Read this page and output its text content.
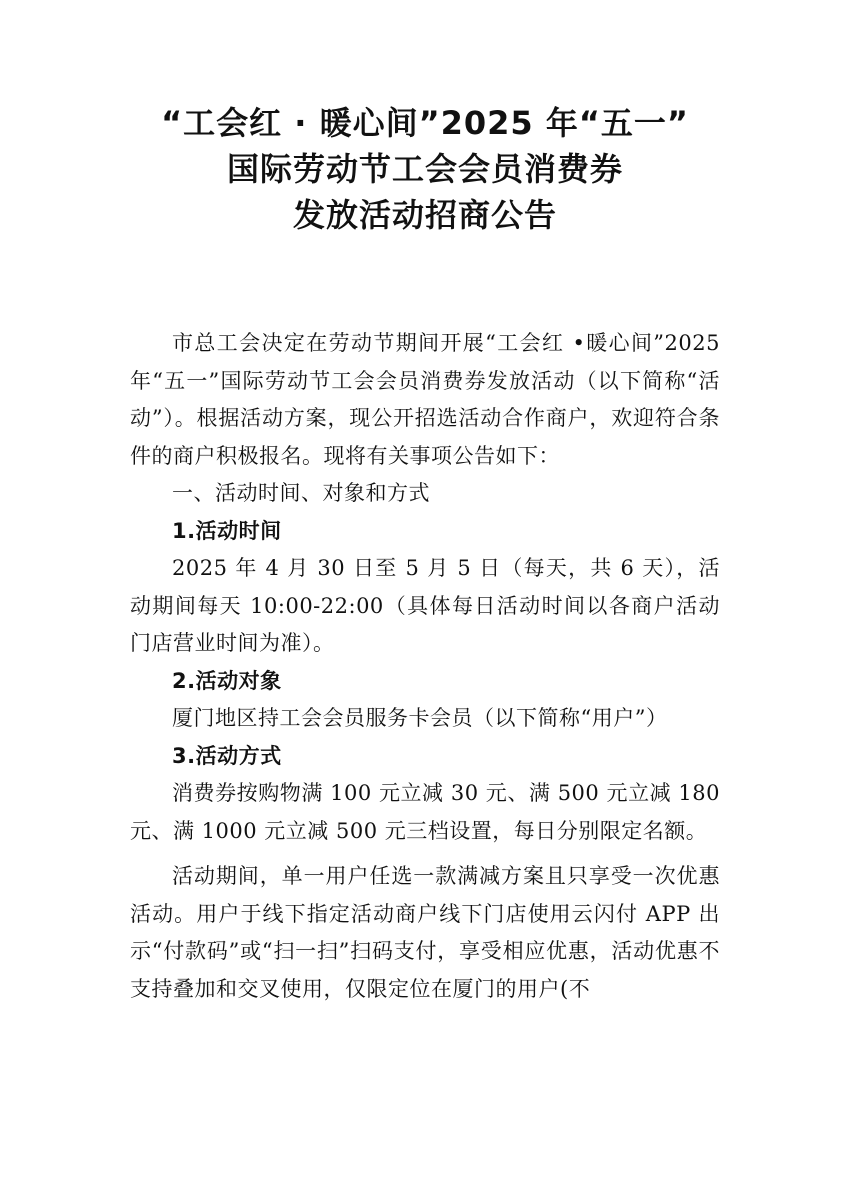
“工会红 · 暖心间”2025 年“五一”
国际劳动节工会会员消费券
发放活动招商公告

市总工会决定在劳动节期间开展“工会红 •暖心间”2025年“五一”国际劳动节工会会员消费券发放活动（以下简称“活动”）。根据活动方案，现公开招选活动合作商户，欢迎符合条件的商户积极报名。现将有关事项公告如下：

一、活动时间、对象和方式

1.活动时间

2025 年 4 月 30 日至 5 月 5 日（每天，共 6 天），活动期间每天 10:00-22:00（具体每日活动时间以各商户活动门店营业时间为准）。

2.活动对象

厦门地区持工会会员服务卡会员（以下简称“用户”）

3.活动方式

消费券按购物满 100 元立减 30 元、满 500 元立减 180 元、满 1000 元立减 500 元三档设置，每日分别限定名额。

活动期间，单一用户任选一款满减方案且只享受一次优惠活动。用户于线下指定活动商户线下门店使用云闪付 APP 出示“付款码”或“扫一扫”扫码支付，享受相应优惠，活动优惠不支持叠加和交叉使用，仅限定位在厦门的用户(不
